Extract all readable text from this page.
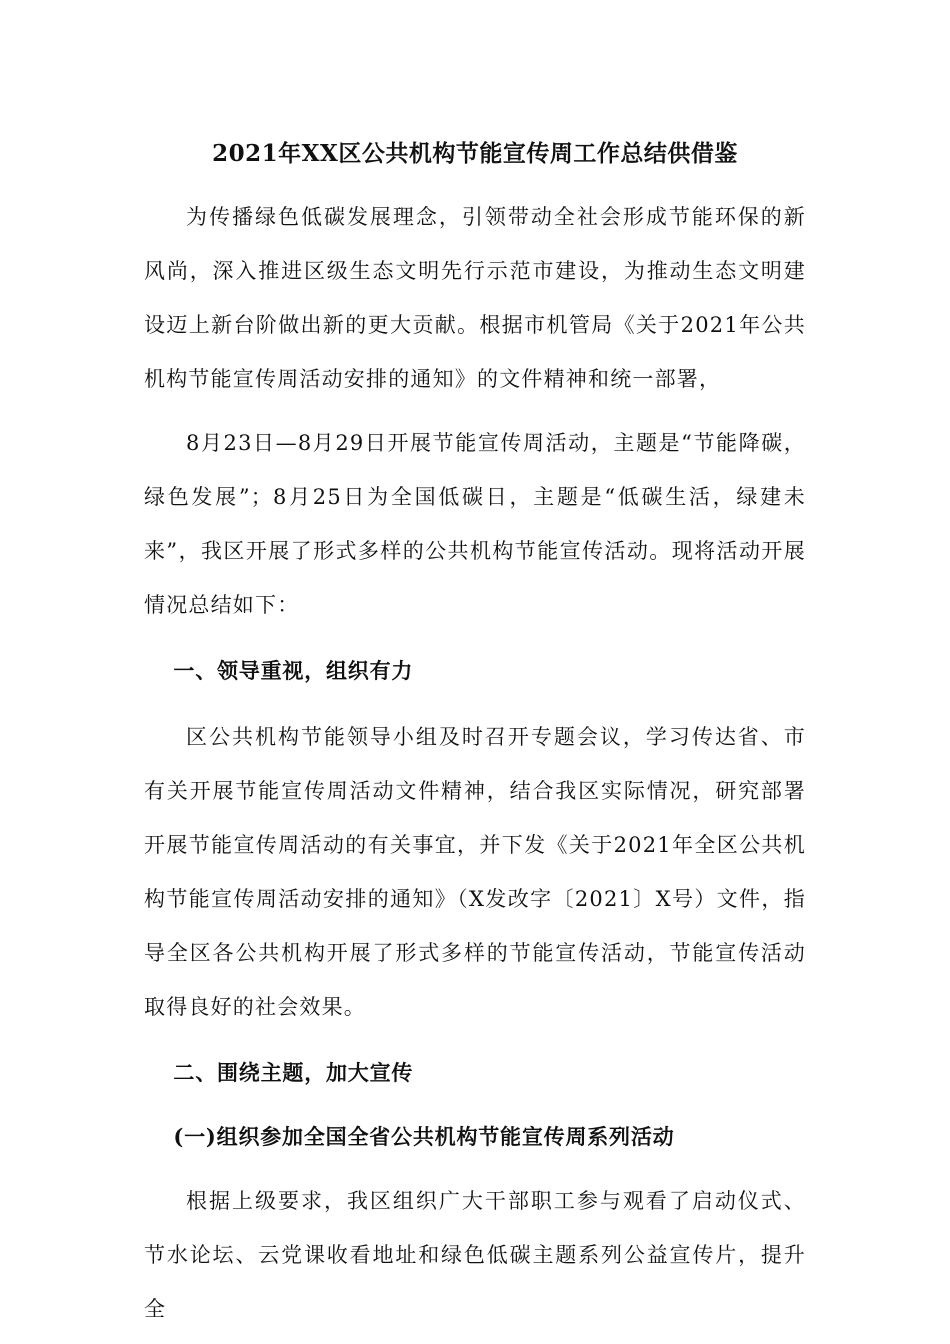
2021年XX区公共机构节能宣传周工作总结供借鉴

为传播绿色低碳发展理念，引领带动全社会形成节能环保的新风尚，深入推进区级生态文明先行示范市建设，为推动生态文明建设迈上新台阶做出新的更大贡献。根据市机管局《关于2021年公共机构节能宣传周活动安排的通知》的文件精神和统一部署，

8月23日—8月29日开展节能宣传周活动，主题是“节能降碳，绿色发展”；8月25日为全国低碳日，主题是“低碳生活，绿建未来”，我区开展了形式多样的公共机构节能宣传活动。现将活动开展情况总结如下：

一、领导重视，组织有力

区公共机构节能领导小组及时召开专题会议，学习传达省、市有关开展节能宣传周活动文件精神，结合我区实际情况，研究部署开展节能宣传周活动的有关事宜，并下发《关于2021年全区公共机构节能宣传周活动安排的通知》（X发改字〔2021〕X号）文件，指导全区各公共机构开展了形式多样的节能宣传活动，节能宣传活动取得良好的社会效果。

二、围绕主题，加大宣传
(一)组织参加全国全省公共机构节能宣传周系列活动

根据上级要求，我区组织广大干部职工参与观看了启动仪式、节水论坛、云党课收看地址和绿色低碳主题系列公益宣传片，提升全
